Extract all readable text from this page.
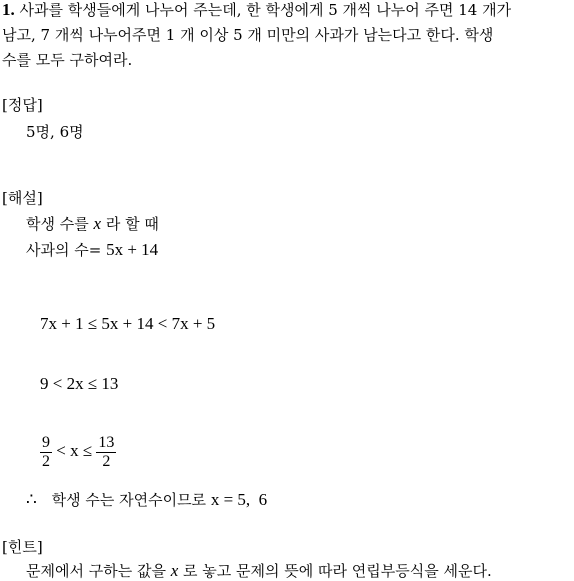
1. 사과를 학생들에게 나누어 주는데, 한 학생에게 5 개씩 나누어 주면 14 개가
남고, 7 개씩 나누어주면 1 개 이상 5 개 미만의 사과가 남는다고 한다. 학생
수를 모두 구하여라.
[정답]
5명, 6명
[해설]
학생 수를 x 라 할 때
사과의 수= 5x + 14
7x + 1 ≤ 5x + 14 < 7x + 5
9 < 2x ≤ 13
$\frac{9}{2} < x \le \frac{13}{2}$
∴ 학생 수는 자연수이므로 x = 5,  6
[힌트]
문제에서 구하는 값을 x 로 놓고 문제의 뜻에 따라 연립부등식을 세운다.
